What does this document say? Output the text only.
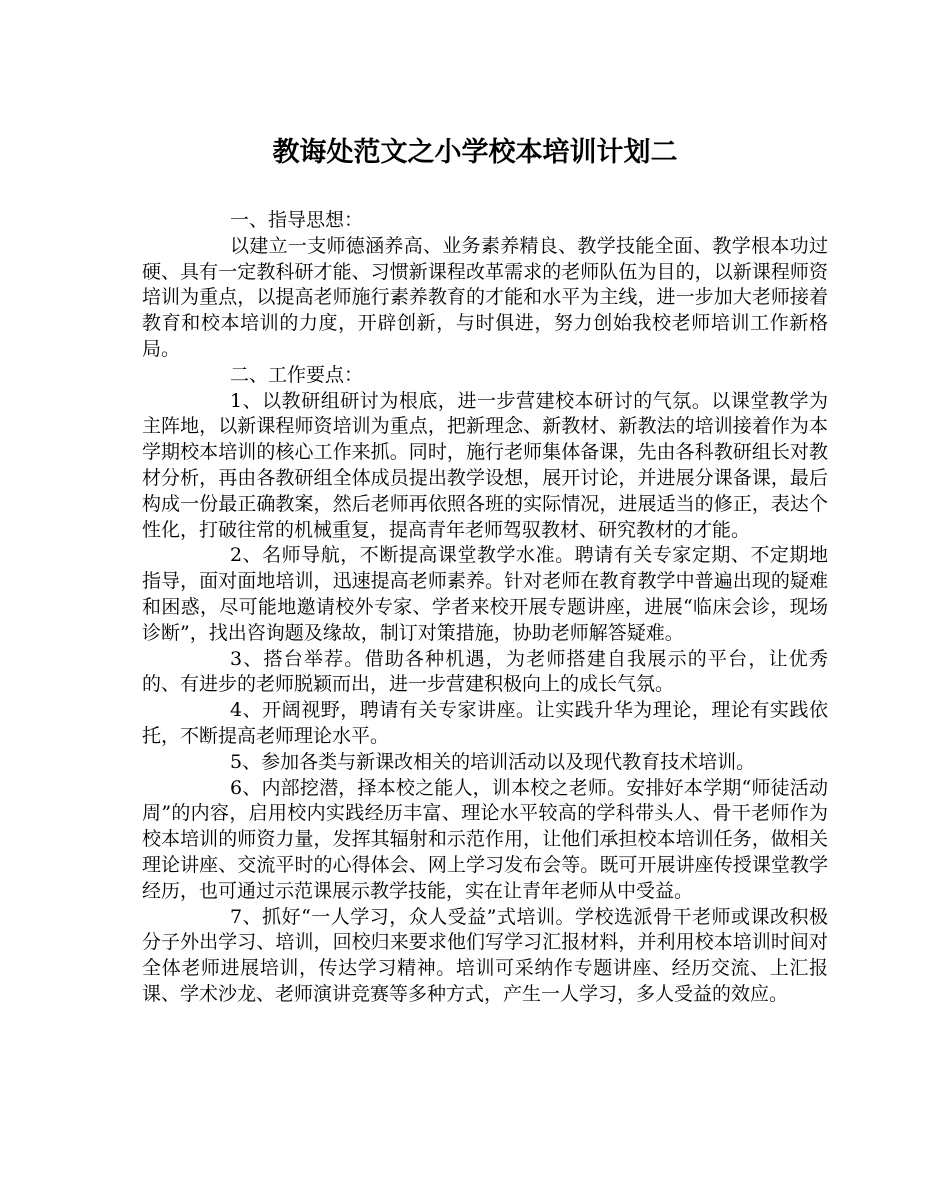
教诲处范文之小学校本培训计划二

一、指导思想：

以建立一支师德涵养高、业务素养精良、教学技能全面、教学根本功过硬、具有一定教科研才能、习惯新课程改革需求的老师队伍为目的，以新课程师资培训为重点，以提高老师施行素养教育的才能和水平为主线，进一步加大老师接着教育和校本培训的力度，开辟创新，与时俱进，努力创始我校老师培训工作新格局。

二、工作要点：

1、以教研组研讨为根底，进一步营建校本研讨的气氛。以课堂教学为主阵地，以新课程师资培训为重点，把新理念、新教材、新教法的培训接着作为本学期校本培训的核心工作来抓。同时，施行老师集体备课，先由各科教研组长对教材分析，再由各教研组全体成员提出教学设想，展开讨论，并进展分课备课，最后构成一份最正确教案，然后老师再依照各班的实际情况，进展适当的修正，表达个性化，打破往常的机械重复，提高青年老师驾驭教材、研究教材的才能。

2、名师导航，不断提高课堂教学水准。聘请有关专家定期、不定期地指导，面对面地培训，迅速提高老师素养。针对老师在教育教学中普遍出现的疑难和困惑，尽可能地邀请校外专家、学者来校开展专题讲座，进展“临床会诊，现场诊断”，找出咨询题及缘故，制订对策措施，协助老师解答疑难。

3、搭台举荐。借助各种机遇，为老师搭建自我展示的平台，让优秀的、有进步的老师脱颖而出，进一步营建积极向上的成长气氛。

4、开阔视野，聘请有关专家讲座。让实践升华为理论，理论有实践依托，不断提高老师理论水平。

5、参加各类与新课改相关的培训活动以及现代教育技术培训。

6、内部挖潜，择本校之能人，训本校之老师。安排好本学期“师徒活动周”的内容，启用校内实践经历丰富、理论水平较高的学科带头人、骨干老师作为校本培训的师资力量，发挥其辐射和示范作用，让他们承担校本培训任务，做相关理论讲座、交流平时的心得体会、网上学习发布会等。既可开展讲座传授课堂教学经历，也可通过示范课展示教学技能，实在让青年老师从中受益。

7、抓好“一人学习，众人受益”式培训。学校选派骨干老师或课改积极分子外出学习、培训，回校归来要求他们写学习汇报材料，并利用校本培训时间对全体老师进展培训，传达学习精神。培训可采纳作专题讲座、经历交流、上汇报课、学术沙龙、老师演讲竞赛等多种方式，产生一人学习，多人受益的效应。
